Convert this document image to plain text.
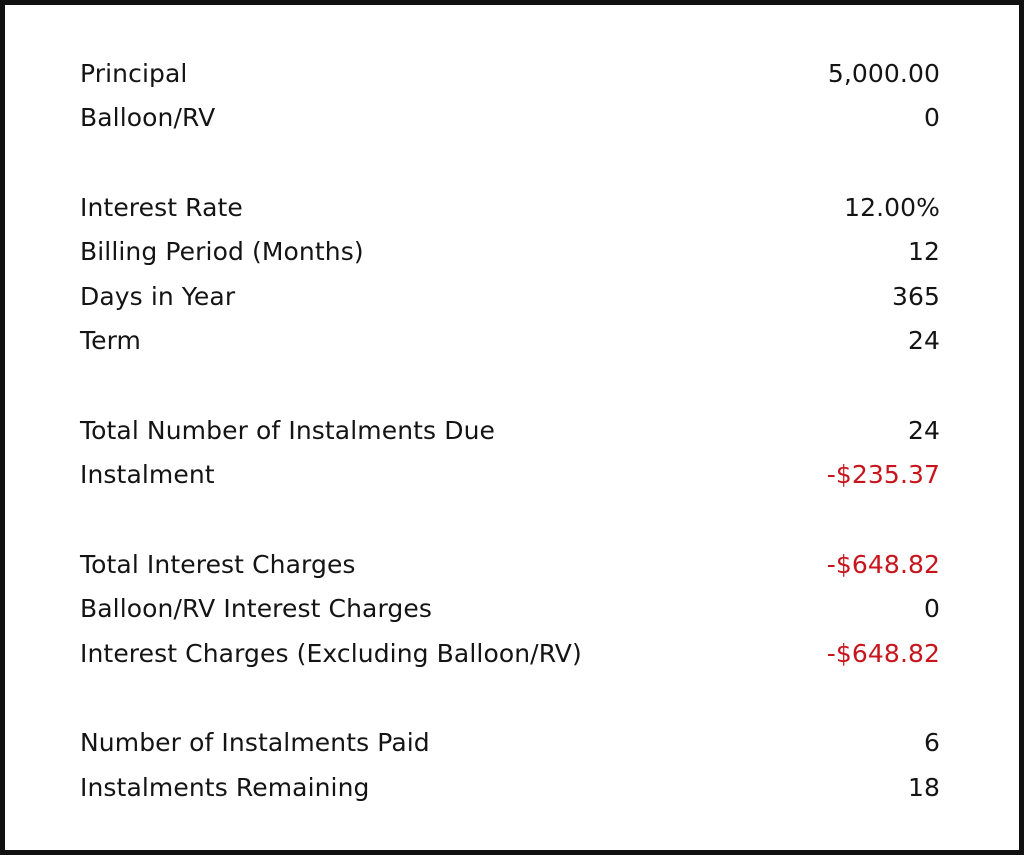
Principal	5,000.00
Balloon/RV	0
Interest Rate	12.00%
Billing Period (Months)	12
Days in Year	365
Term	24
Total Number of Instalments Due	24
Instalment	-$235.37
Total Interest Charges	-$648.82
Balloon/RV Interest Charges	0
Interest Charges (Excluding Balloon/RV)	-$648.82
Number of Instalments Paid	6
Instalments Remaining	18
